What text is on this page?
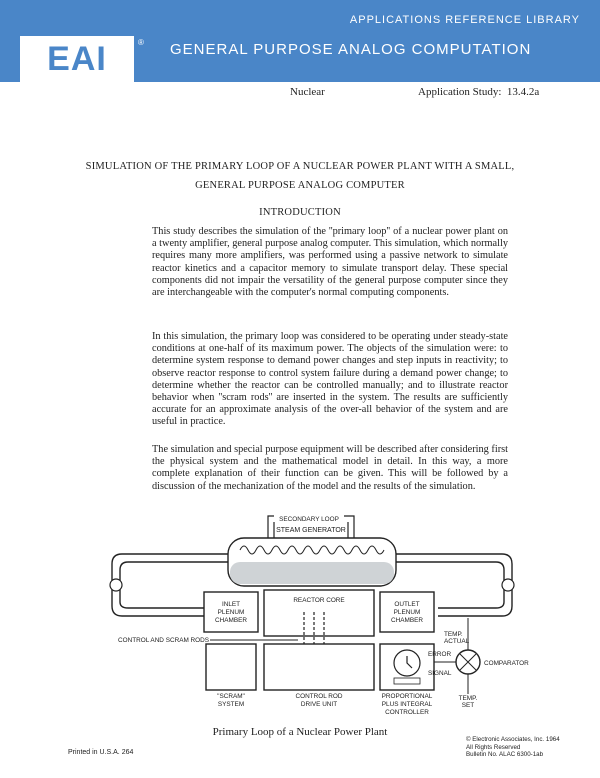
APPLICATIONS REFERENCE LIBRARY
EAI	® GENERAL PURPOSE ANALOG COMPUTATION
Nuclear	Application Study: 13.4.2a
SIMULATION OF THE PRIMARY LOOP OF A NUCLEAR POWER PLANT WITH A SMALL,
GENERAL PURPOSE ANALOG COMPUTER
INTRODUCTION
This study describes the simulation of the ''primary loop'' of a nuclear power plant on a twenty amplifier, general purpose analog computer. This simulation, which normally requires many more amplifiers, was performed using a passive network to simulate reactor kinetics and a capacitor memory to simulate transport delay. These special components did not impair the versatility of the general purpose computer since they are interchangeable with the computer's normal computing components.
In this simulation, the primary loop was considered to be operating under steady-state conditions at one-half of its maximum power. The objects of the simulation were: to determine system response to demand power changes and step inputs in reactivity; to observe reactor response to control system failure during a demand power change; to determine whether the reactor can be controlled manually; and to illustrate reactor behavior when ''scram rods'' are inserted in the system. The results are sufficiently accurate for an approximate analysis of the over-all behavior of the system and are useful in practice.
The simulation and special purpose equipment will be described after considering first the physical system and the mathematical model in detail. In this way, a more complete explanation of their function can be given. This will be followed by a discussion of the mechanization of the model and the results of the simulation.
SECONDARY LOOP
STEAM GENERATOR
INLET
PLENUM
CHAMBER
REACTOR CORE
OUTLET
PLENUM
CHAMBER
CONTROL AND SCRAM RODS
TEMP.
ACTUAL
ERROR
SIGNAL
COMPARATOR
''SCRAM''
SYSTEM
CONTROL ROD
DRIVE UNIT
PROPORTIONAL
PLUS INTEGRAL
CONTROLLER
TEMP.
SET
Primary Loop of a Nuclear Power Plant
Printed in U.S.A. 264
© Electronic Associates, Inc. 1964
All Rights Reserved
Bulletin No. ALAC 6300-1ab
